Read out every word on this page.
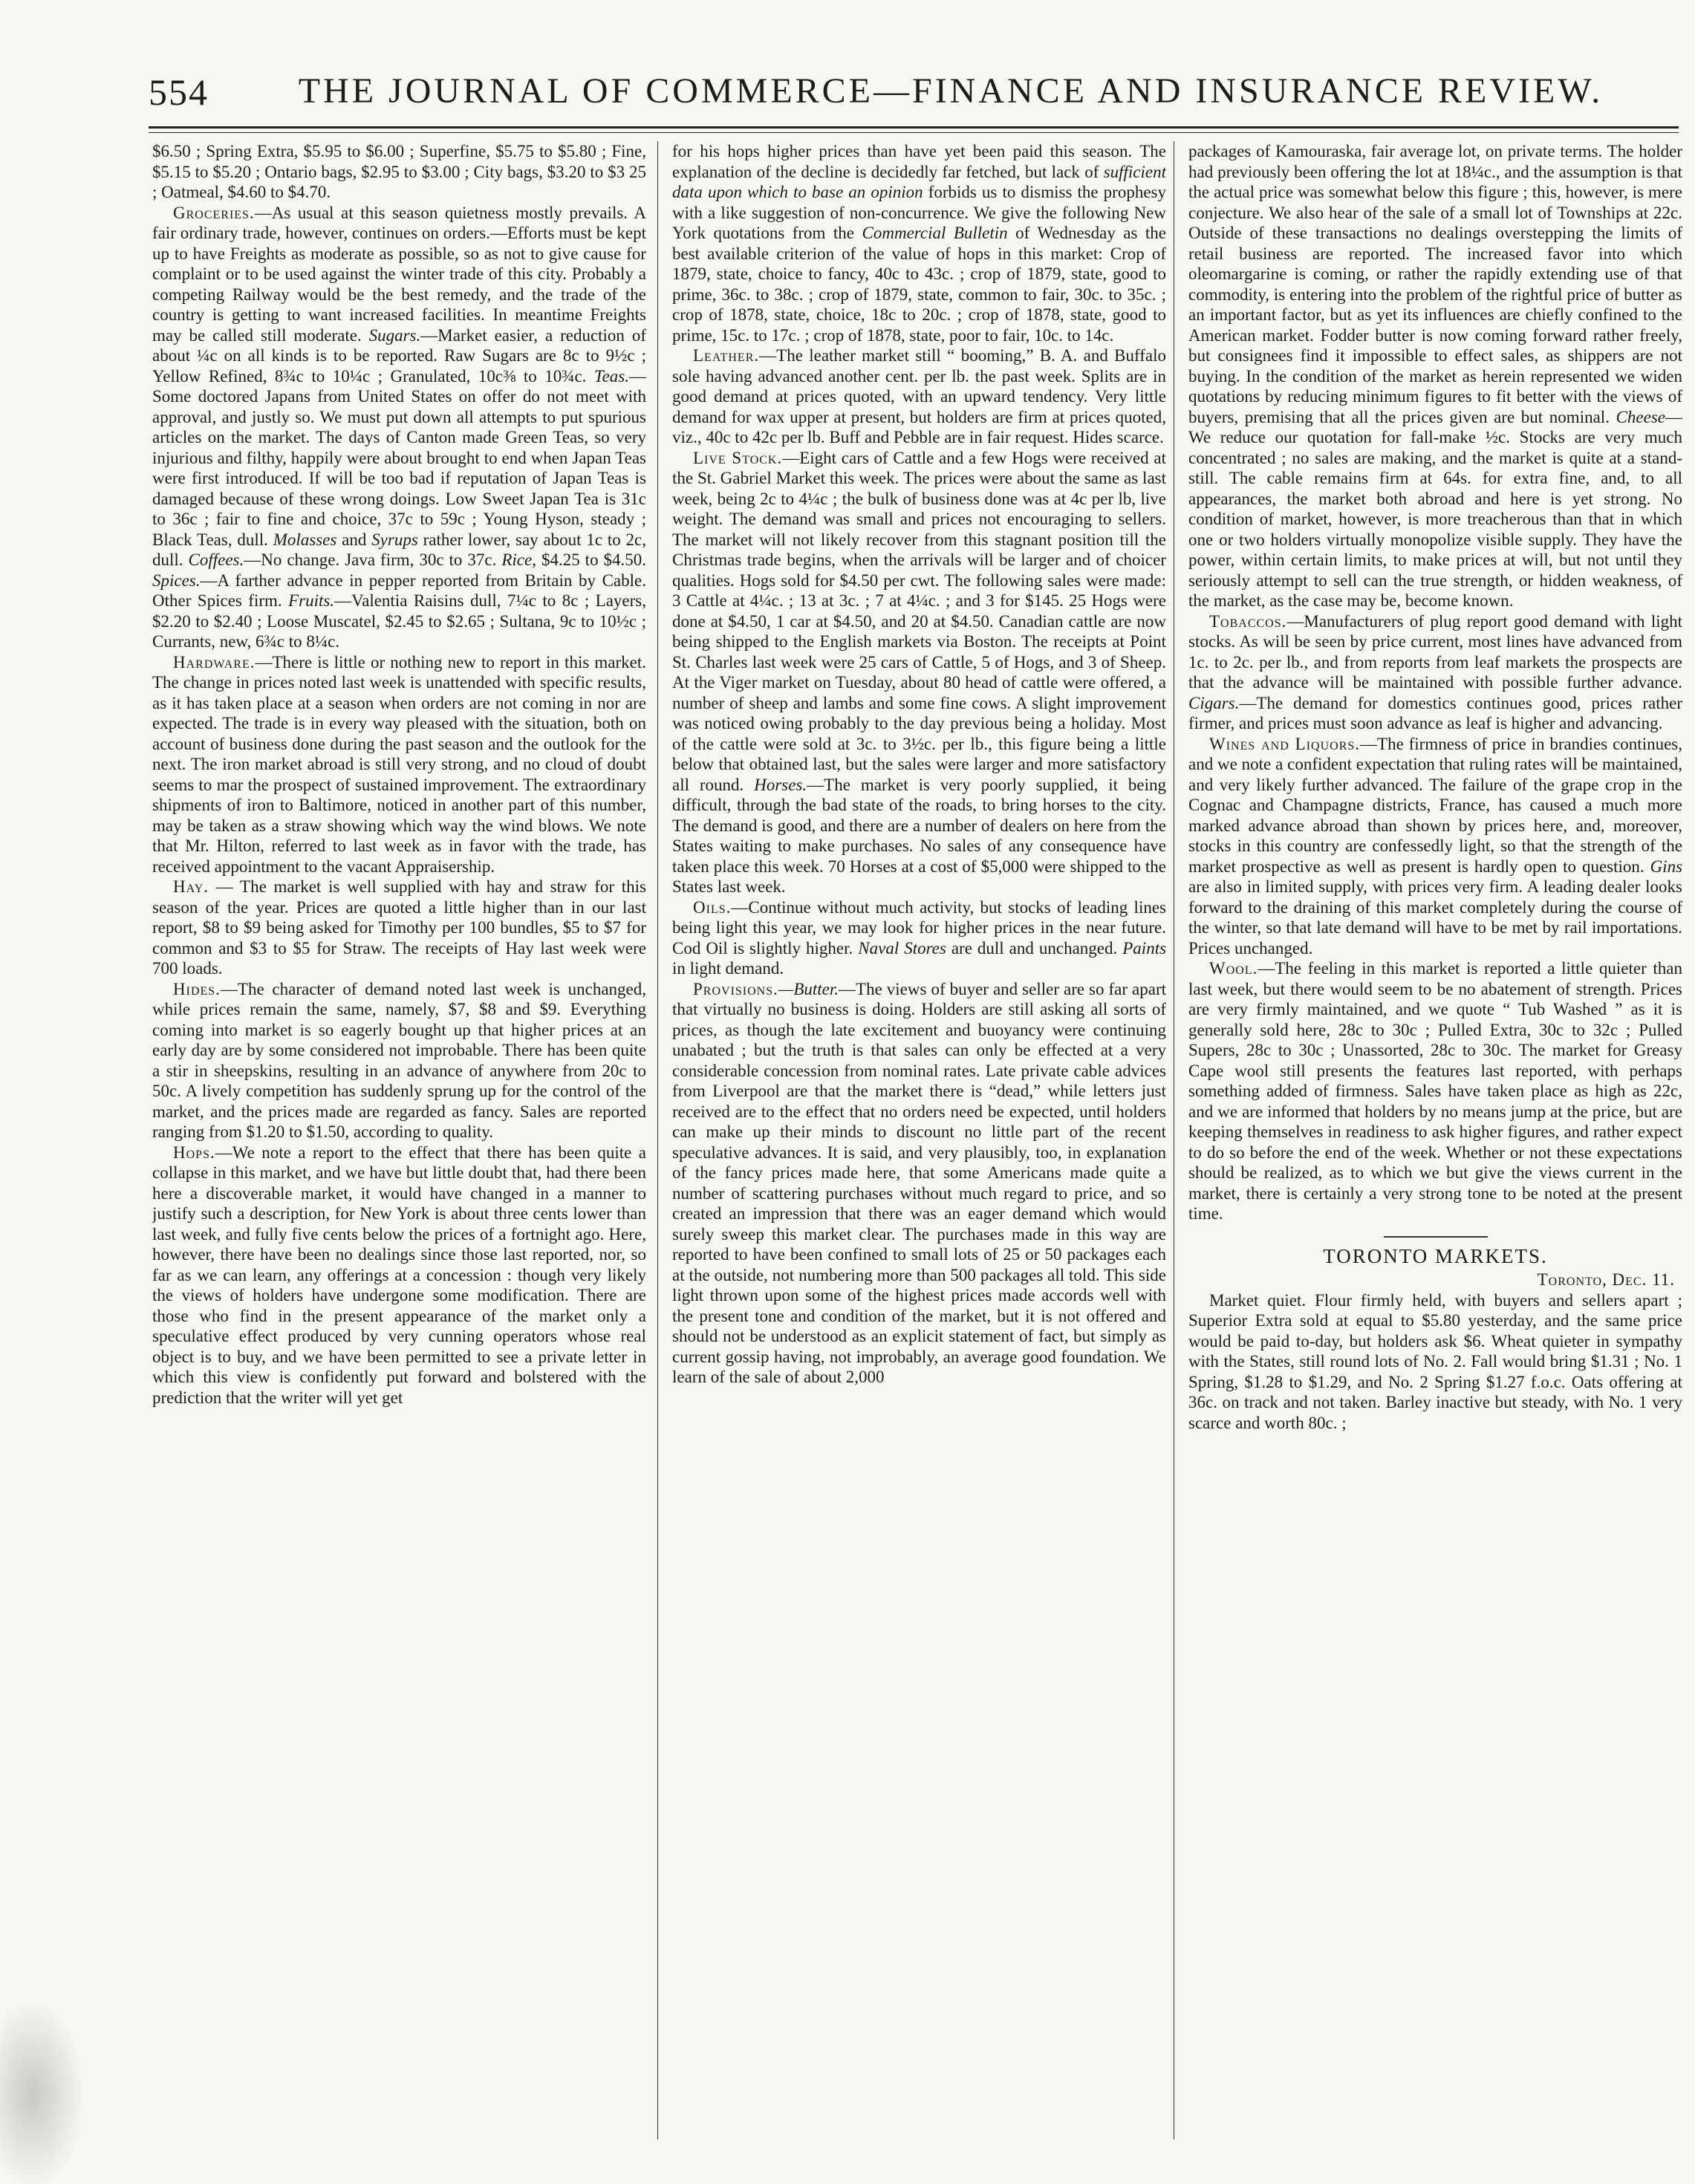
554	THE JOURNAL OF COMMERCE—FINANCE AND INSURANCE REVIEW.

$6.50 ; Spring Extra, $5.95 to $6.00 ; Superfine, $5.75 to $5.80 ; Fine, $5.15 to $5.20 ; Ontario bags, $2.95 to $3.00 ; City bags, $3.20 to $3 25 ; Oatmeal, $4.60 to $4.70.

Groceries.—As usual at this season quietness mostly prevails. A fair ordinary trade, however, continues on orders.—Efforts must be kept up to have Freights as moderate as possible, so as not to give cause for complaint or to be used against the winter trade of this city. Probably a competing Railway would be the best remedy, and the trade of the country is getting to want increased facilities. In meantime Freights may be called still moderate. Sugars.—Market easier, a reduction of about ¼c on all kinds is to be reported. Raw Sugars are 8c to 9½c ; Yellow Refined, 8¾c to 10¼c ; Granulated, 10c⅜ to 10¾c. Teas.—Some doctored Japans from United States on offer do not meet with approval, and justly so. We must put down all attempts to put spurious articles on the market. The days of Canton made Green Teas, so very injurious and filthy, happily were about brought to end when Japan Teas were first introduced. If will be too bad if reputation of Japan Teas is damaged because of these wrong doings. Low Sweet Japan Tea is 31c to 36c ; fair to fine and choice, 37c to 59c ; Young Hyson, steady ; Black Teas, dull. Molasses and Syrups rather lower, say about 1c to 2c, dull. Coffees.—No change. Java firm, 30c to 37c. Rice, $4.25 to $4.50. Spices.—A farther advance in pepper reported from Britain by Cable. Other Spices firm. Fruits.—Valentia Raisins dull, 7¼c to 8c ; Layers, $2.20 to $2.40 ; Loose Muscatel, $2.45 to $2.65 ; Sultana, 9c to 10½c ; Currants, new, 6¾c to 8¼c.

Hardware.—There is little or nothing new to report in this market. The change in prices noted last week is unattended with specific results, as it has taken place at a season when orders are not coming in nor are expected. The trade is in every way pleased with the situation, both on account of business done during the past season and the outlook for the next. The iron market abroad is still very strong, and no cloud of doubt seems to mar the prospect of sustained improvement. The extraordinary shipments of iron to Baltimore, noticed in another part of this number, may be taken as a straw showing which way the wind blows. We note that Mr. Hilton, referred to last week as in favor with the trade, has received appointment to the vacant Appraisership.

Hay. — The market is well supplied with hay and straw for this season of the year. Prices are quoted a little higher than in our last report, $8 to $9 being asked for Timothy per 100 bundles, $5 to $7 for common and $3 to $5 for Straw. The receipts of Hay last week were 700 loads.

Hides.—The character of demand noted last week is unchanged, while prices remain the same, namely, $7, $8 and $9. Everything coming into market is so eagerly bought up that higher prices at an early day are by some considered not improbable. There has been quite a stir in sheepskins, resulting in an advance of anywhere from 20c to 50c. A lively competition has suddenly sprung up for the control of the market, and the prices made are regarded as fancy. Sales are reported ranging from $1.20 to $1.50, according to quality.

Hops.—We note a report to the effect that there has been quite a collapse in this market, and we have but little doubt that, had there been here a discoverable market, it would have changed in a manner to justify such a description, for New York is about three cents lower than last week, and fully five cents below the prices of a fortnight ago. Here, however, there have been no dealings since those last reported, nor, so far as we can learn, any offerings at a concession : though very likely the views of holders have undergone some modification. There are those who find in the present appearance of the market only a speculative effect produced by very cunning operators whose real object is to buy, and we have been permitted to see a private letter in which this view is confidently put forward and bolstered with the prediction that the writer will yet get

for his hops higher prices than have yet been paid this season. The explanation of the decline is decidedly far fetched, but lack of sufficient data upon which to base an opinion forbids us to dismiss the prophesy with a like suggestion of non-concurrence. We give the following New York quotations from the Commercial Bulletin of Wednesday as the best available criterion of the value of hops in this market: Crop of 1879, state, choice to fancy, 40c to 43c. ; crop of 1879, state, good to prime, 36c. to 38c. ; crop of 1879, state, common to fair, 30c. to 35c. ; crop of 1878, state, choice, 18c to 20c. ; crop of 1878, state, good to prime, 15c. to 17c. ; crop of 1878, state, poor to fair, 10c. to 14c.

Leather.—The leather market still “ booming,” B. A. and Buffalo sole having advanced another cent. per lb. the past week. Splits are in good demand at prices quoted, with an upward tendency. Very little demand for wax upper at present, but holders are firm at prices quoted, viz., 40c to 42c per lb. Buff and Pebble are in fair request. Hides scarce.

Live Stock.—Eight cars of Cattle and a few Hogs were received at the St. Gabriel Market this week. The prices were about the same as last week, being 2c to 4¼c ; the bulk of business done was at 4c per lb, live weight. The demand was small and prices not encouraging to sellers. The market will not likely recover from this stagnant position till the Christmas trade begins, when the arrivals will be larger and of choicer qualities. Hogs sold for $4.50 per cwt. The following sales were made: 3 Cattle at 4¼c. ; 13 at 3c. ; 7 at 4¼c. ; and 3 for $145. 25 Hogs were done at $4.50, 1 car at $4.50, and 20 at $4.50. Canadian cattle are now being shipped to the English markets via Boston. The receipts at Point St. Charles last week were 25 cars of Cattle, 5 of Hogs, and 3 of Sheep. At the Viger market on Tuesday, about 80 head of cattle were offered, a number of sheep and lambs and some fine cows. A slight improvement was noticed owing probably to the day previous being a holiday. Most of the cattle were sold at 3c. to 3½c. per lb., this figure being a little below that obtained last, but the sales were larger and more satisfactory all round. Horses.—The market is very poorly supplied, it being difficult, through the bad state of the roads, to bring horses to the city. The demand is good, and there are a number of dealers on here from the States waiting to make purchases. No sales of any consequence have taken place this week. 70 Horses at a cost of $5,000 were shipped to the States last week.

Oils.—Continue without much activity, but stocks of leading lines being light this year, we may look for higher prices in the near future. Cod Oil is slightly higher. Naval Stores are dull and unchanged. Paints in light demand.

Provisions.—Butter.—The views of buyer and seller are so far apart that virtually no business is doing. Holders are still asking all sorts of prices, as though the late excitement and buoyancy were continuing unabated ; but the truth is that sales can only be effected at a very considerable concession from nominal rates. Late private cable advices from Liverpool are that the market there is “dead,” while letters just received are to the effect that no orders need be expected, until holders can make up their minds to discount no little part of the recent speculative advances. It is said, and very plausibly, too, in explanation of the fancy prices made here, that some Americans made quite a number of scattering purchases without much regard to price, and so created an impression that there was an eager demand which would surely sweep this market clear. The purchases made in this way are reported to have been confined to small lots of 25 or 50 packages each at the outside, not numbering more than 500 packages all told. This side light thrown upon some of the highest prices made accords well with the present tone and condition of the market, but it is not offered and should not be understood as an explicit statement of fact, but simply as current gossip having, not improbably, an average good foundation. We learn of the sale of about 2,000

packages of Kamouraska, fair average lot, on private terms. The holder had previously been offering the lot at 18¼c., and the assumption is that the actual price was somewhat below this figure ; this, however, is mere conjecture. We also hear of the sale of a small lot of Townships at 22c. Outside of these transactions no dealings overstepping the limits of retail business are reported. The increased favor into which oleomargarine is coming, or rather the rapidly extending use of that commodity, is entering into the problem of the rightful price of butter as an important factor, but as yet its influences are chiefly confined to the American market. Fodder butter is now coming forward rather freely, but consignees find it impossible to effect sales, as shippers are not buying. In the condition of the market as herein represented we widen quotations by reducing minimum figures to fit better with the views of buyers, premising that all the prices given are but nominal. Cheese—We reduce our quotation for fall-make ½c. Stocks are very much concentrated ; no sales are making, and the market is quite at a stand-still. The cable remains firm at 64s. for extra fine, and, to all appearances, the market both abroad and here is yet strong. No condition of market, however, is more treacherous than that in which one or two holders virtually monopolize visible supply. They have the power, within certain limits, to make prices at will, but not until they seriously attempt to sell can the true strength, or hidden weakness, of the market, as the case may be, become known.

Tobaccos.—Manufacturers of plug report good demand with light stocks. As will be seen by price current, most lines have advanced from 1c. to 2c. per lb., and from reports from leaf markets the prospects are that the advance will be maintained with possible further advance. Cigars.—The demand for domestics continues good, prices rather firmer, and prices must soon advance as leaf is higher and advancing.

Wines and Liquors.—The firmness of price in brandies continues, and we note a confident expectation that ruling rates will be maintained, and very likely further advanced. The failure of the grape crop in the Cognac and Champagne districts, France, has caused a much more marked advance abroad than shown by prices here, and, moreover, stocks in this country are confessedly light, so that the strength of the market prospective as well as present is hardly open to question. Gins are also in limited supply, with prices very firm. A leading dealer looks forward to the draining of this market completely during the course of the winter, so that late demand will have to be met by rail importations. Prices unchanged.

Wool.—The feeling in this market is reported a little quieter than last week, but there would seem to be no abatement of strength. Prices are very firmly maintained, and we quote “ Tub Washed ” as it is generally sold here, 28c to 30c ; Pulled Extra, 30c to 32c ; Pulled Supers, 28c to 30c ; Unassorted, 28c to 30c. The market for Greasy Cape wool still presents the features last reported, with perhaps something added of firmness. Sales have taken place as high as 22c, and we are informed that holders by no means jump at the price, but are keeping themselves in readiness to ask higher figures, and rather expect to do so before the end of the week. Whether or not these expectations should be realized, as to which we but give the views current in the market, there is certainly a very strong tone to be noted at the present time.

TORONTO MARKETS.
Toronto, Dec. 11.

Market quiet. Flour firmly held, with buyers and sellers apart ; Superior Extra sold at equal to $5.80 yesterday, and the same price would be paid to-day, but holders ask $6. Wheat quieter in sympathy with the States, still round lots of No. 2. Fall would bring $1.31 ; No. 1 Spring, $1.28 to $1.29, and No. 2 Spring $1.27 f.o.c. Oats offering at 36c. on track and not taken. Barley inactive but steady, with No. 1 very scarce and worth 80c. ;
